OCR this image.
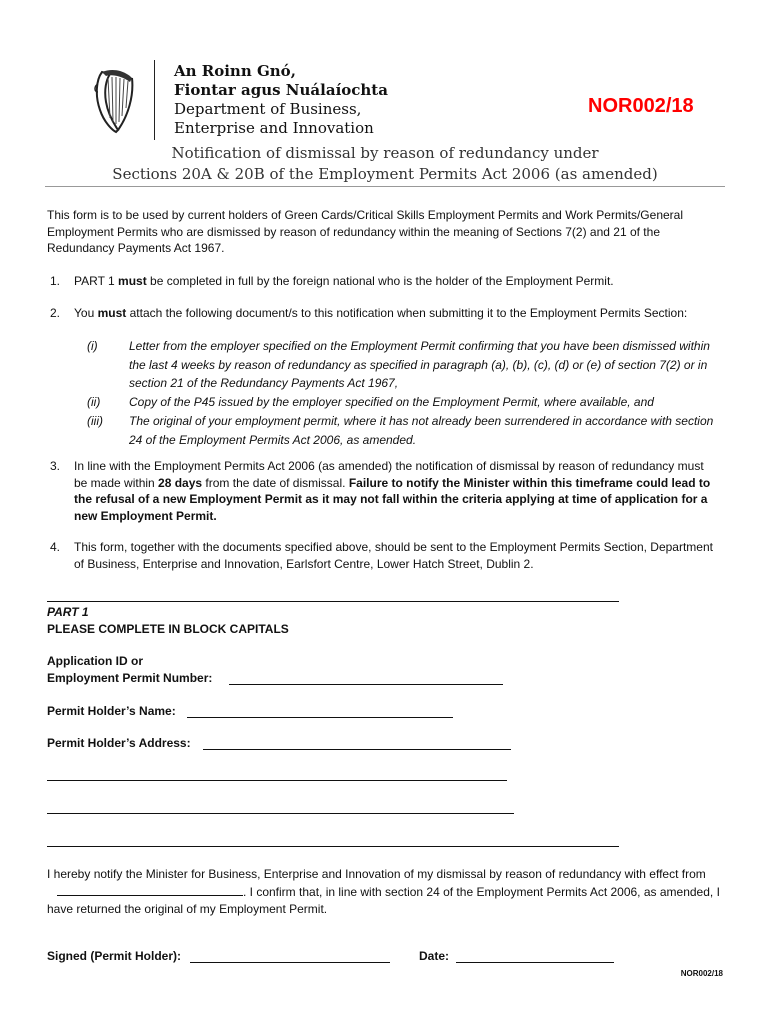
An Roinn Gnó,
Fiontar agus Nuálaíochta
Department of Business,
Enterprise and Innovation
NOR002/18
Notification of dismissal by reason of redundancy under
Sections 20A & 20B of the Employment Permits Act 2006 (as amended)

This form is to be used by current holders of Green Cards/Critical Skills Employment Permits and Work Permits/General Employment Permits who are dismissed by reason of redundancy within the meaning of Sections 7(2) and 21 of the Redundancy Payments Act 1967.

1. PART 1 must be completed in full by the foreign national who is the holder of the Employment Permit.
2. You must attach the following document/s to this notification when submitting it to the Employment Permits Section:
(i)	Letter from the employer specified on the Employment Permit confirming that you have been dismissed within the last 4 weeks by reason of redundancy as specified in paragraph (a), (b), (c), (d) or (e) of section 7(2) or in section 21 of the Redundancy Payments Act 1967,
(ii) Copy of the P45 issued by the employer specified on the Employment Permit, where available, and
(iii) The original of your employment permit, where it has not already been surrendered in accordance with section 24 of the Employment Permits Act 2006, as amended.
3. In line with the Employment Permits Act 2006 (as amended) the notification of dismissal by reason of redundancy must be made within 28 days from the date of dismissal. Failure to notify the Minister within this timeframe could lead to the refusal of a new Employment Permit as it may not fall within the criteria applying at time of application for a new Employment Permit.
4. This form, together with the documents specified above, should be sent to the Employment Permits Section, Department of Business, Enterprise and Innovation, Earlsfort Centre, Lower Hatch Street, Dublin 2.
PART 1
PLEASE COMPLETE IN BLOCK CAPITALS
Application ID or
Employment Permit Number:
Permit Holder’s Name:
Permit Holder’s Address:
I hereby notify the Minister for Business, Enterprise and Innovation of my dismissal by reason of redundancy with effect from . I confirm that, in line with section 24 of the Employment Permits Act 2006, as amended, I have returned the original of my Employment Permit.
Signed (Permit Holder):	Date:
NOR002/18
